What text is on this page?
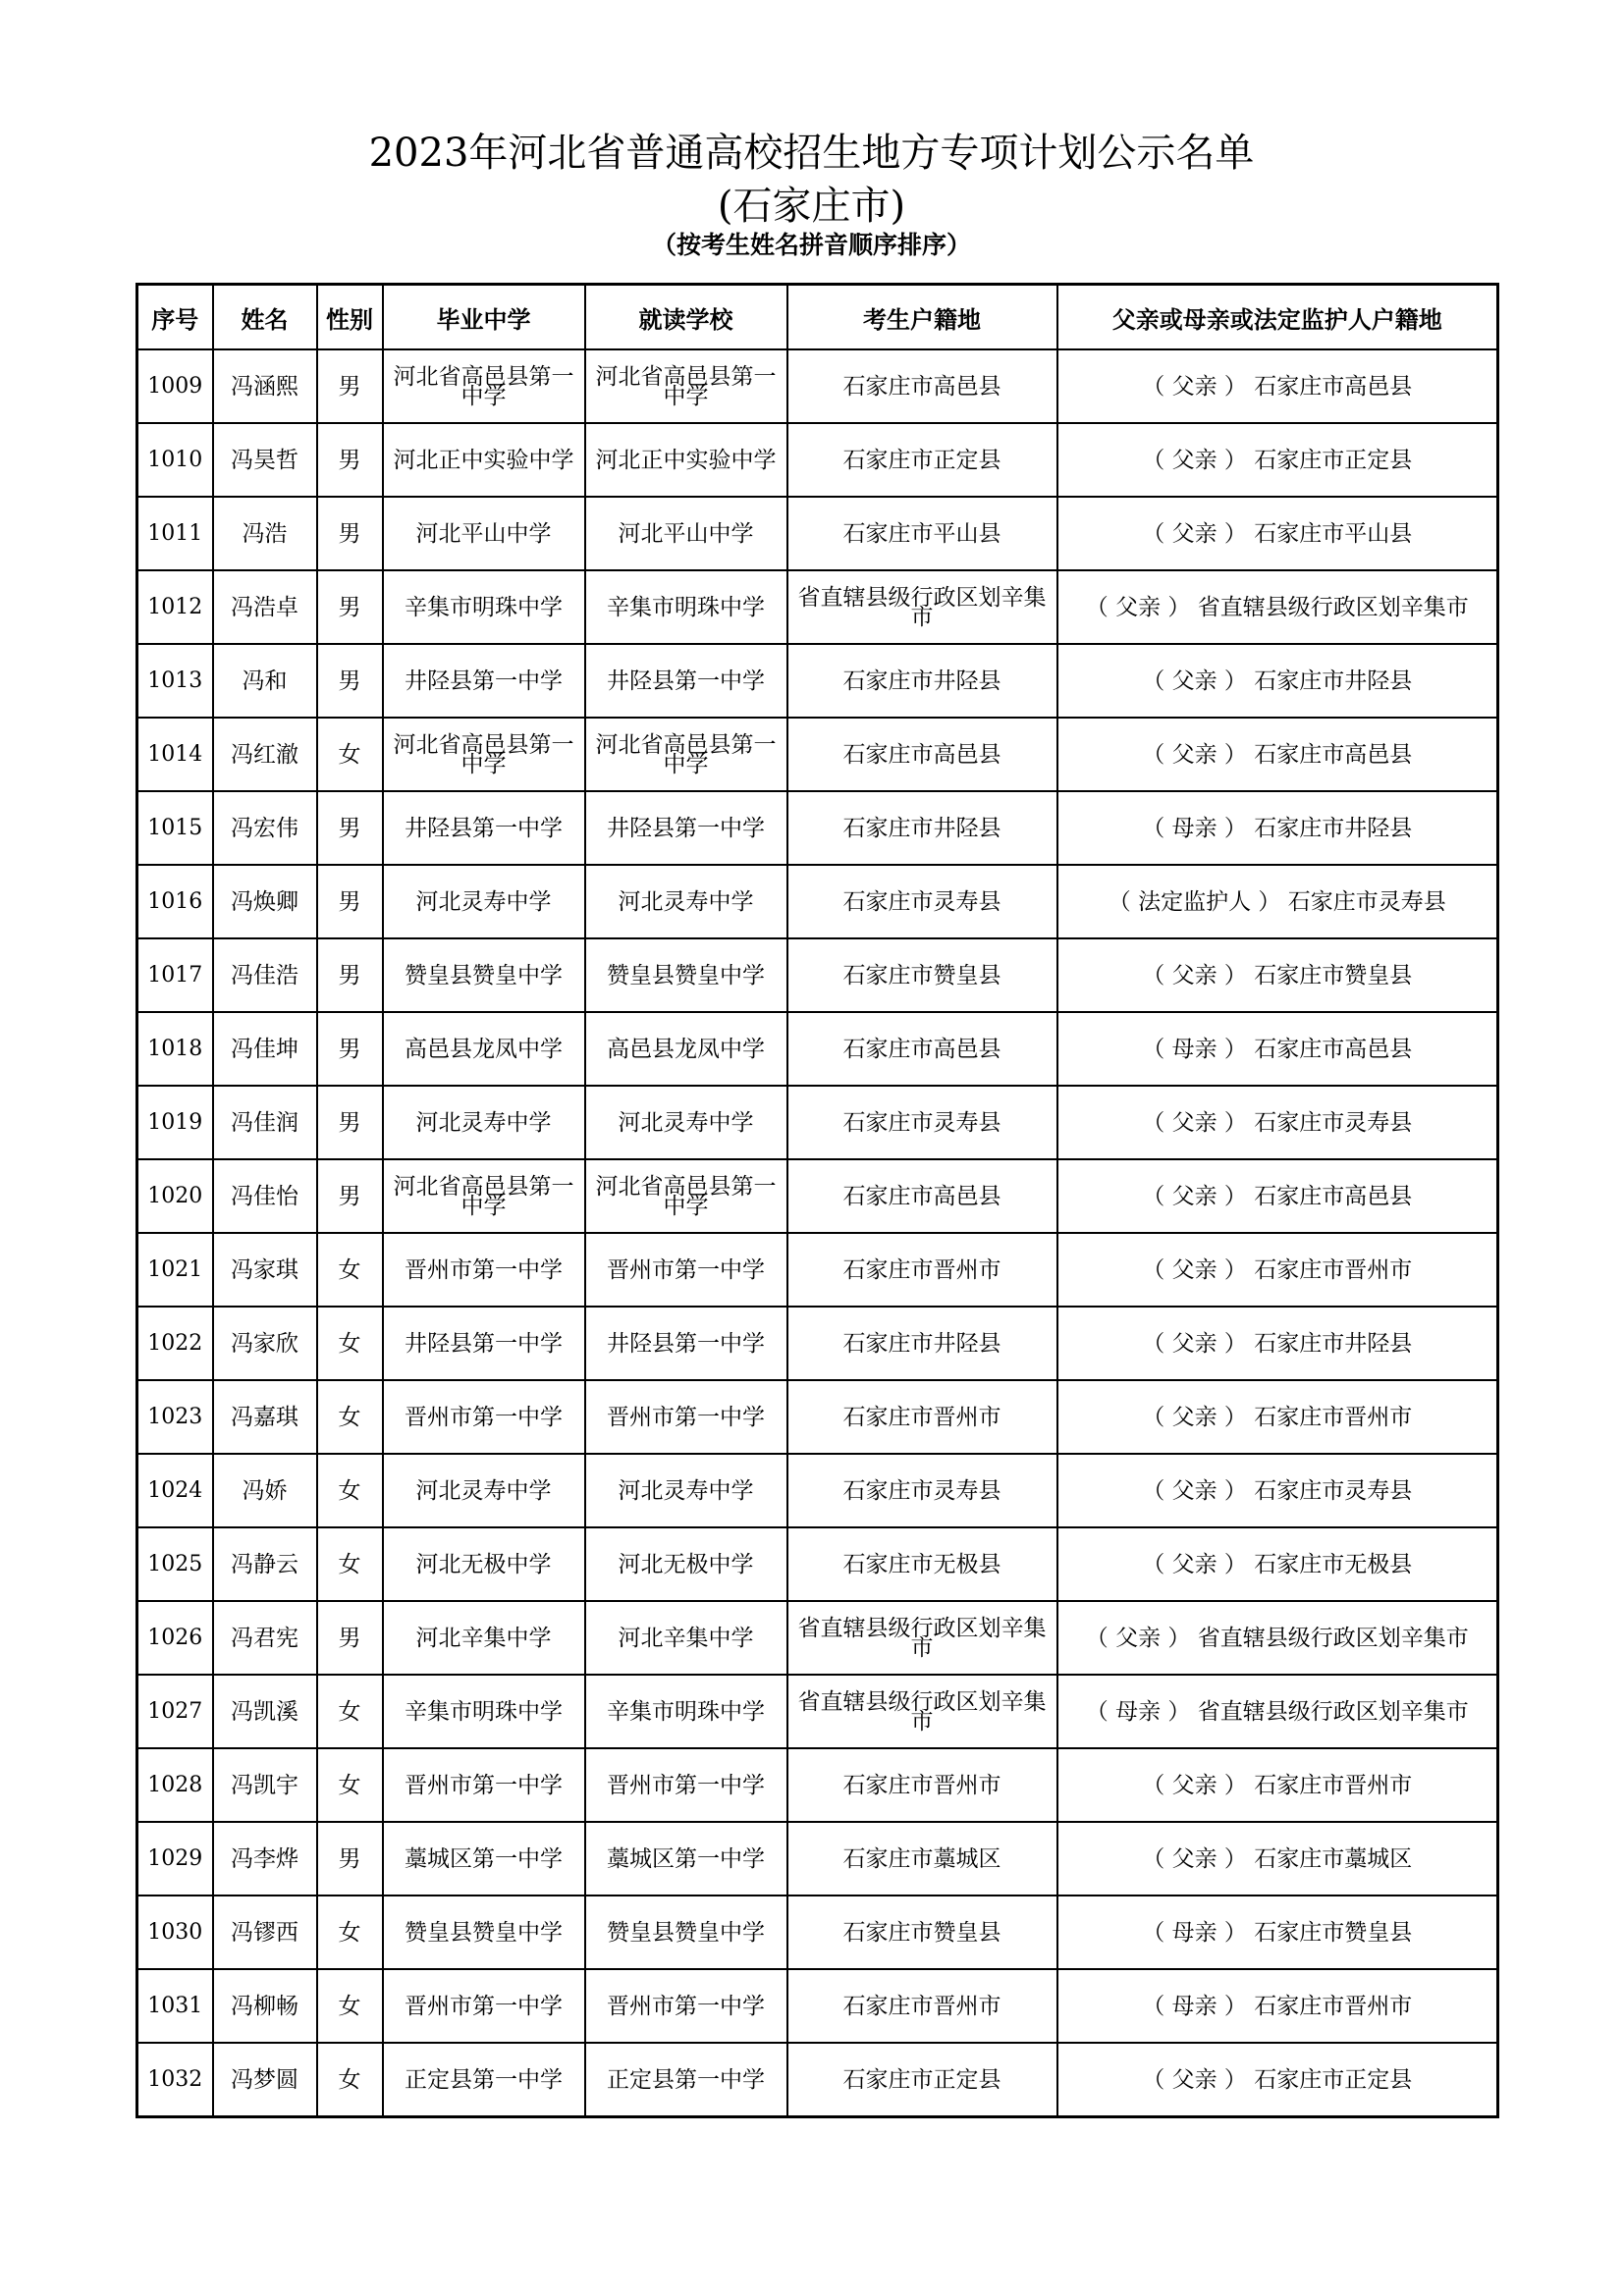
2023年河北省普通高校招生地方专项计划公示名单
(石家庄市)
（按考生姓名拼音顺序排序）
序号	姓名	性别	毕业中学	就读学校	考生户籍地	父亲或母亲或法定监护人户籍地
1009	冯涵熙	男	河北省高邑县第一中学	河北省高邑县第一中学	石家庄市高邑县	（ 父亲 ） 石家庄市高邑县
1010	冯昊哲	男	河北正中实验中学	河北正中实验中学	石家庄市正定县	（ 父亲 ） 石家庄市正定县
1011	冯浩	男	河北平山中学	河北平山中学	石家庄市平山县	（ 父亲 ） 石家庄市平山县
1012	冯浩卓	男	辛集市明珠中学	辛集市明珠中学	省直辖县级行政区划辛集市	（ 父亲 ） 省直辖县级行政区划辛集市
1013	冯和	男	井陉县第一中学	井陉县第一中学	石家庄市井陉县	（ 父亲 ） 石家庄市井陉县
1014	冯红澈	女	河北省高邑县第一中学	河北省高邑县第一中学	石家庄市高邑县	（ 父亲 ） 石家庄市高邑县
1015	冯宏伟	男	井陉县第一中学	井陉县第一中学	石家庄市井陉县	（ 母亲 ） 石家庄市井陉县
1016	冯焕卿	男	河北灵寿中学	河北灵寿中学	石家庄市灵寿县	（ 法定监护人 ） 石家庄市灵寿县
1017	冯佳浩	男	赞皇县赞皇中学	赞皇县赞皇中学	石家庄市赞皇县	（ 父亲 ） 石家庄市赞皇县
1018	冯佳坤	男	高邑县龙凤中学	高邑县龙凤中学	石家庄市高邑县	（ 母亲 ） 石家庄市高邑县
1019	冯佳润	男	河北灵寿中学	河北灵寿中学	石家庄市灵寿县	（ 父亲 ） 石家庄市灵寿县
1020	冯佳怡	男	河北省高邑县第一中学	河北省高邑县第一中学	石家庄市高邑县	（ 父亲 ） 石家庄市高邑县
1021	冯家琪	女	晋州市第一中学	晋州市第一中学	石家庄市晋州市	（ 父亲 ） 石家庄市晋州市
1022	冯家欣	女	井陉县第一中学	井陉县第一中学	石家庄市井陉县	（ 父亲 ） 石家庄市井陉县
1023	冯嘉琪	女	晋州市第一中学	晋州市第一中学	石家庄市晋州市	（ 父亲 ） 石家庄市晋州市
1024	冯娇	女	河北灵寿中学	河北灵寿中学	石家庄市灵寿县	（ 父亲 ） 石家庄市灵寿县
1025	冯静云	女	河北无极中学	河北无极中学	石家庄市无极县	（ 父亲 ） 石家庄市无极县
1026	冯君宪	男	河北辛集中学	河北辛集中学	省直辖县级行政区划辛集市	（ 父亲 ） 省直辖县级行政区划辛集市
1027	冯凯溪	女	辛集市明珠中学	辛集市明珠中学	省直辖县级行政区划辛集市	（ 母亲 ） 省直辖县级行政区划辛集市
1028	冯凯宇	女	晋州市第一中学	晋州市第一中学	石家庄市晋州市	（ 父亲 ） 石家庄市晋州市
1029	冯李烨	男	藁城区第一中学	藁城区第一中学	石家庄市藁城区	（ 父亲 ） 石家庄市藁城区
1030	冯镠西	女	赞皇县赞皇中学	赞皇县赞皇中学	石家庄市赞皇县	（ 母亲 ） 石家庄市赞皇县
1031	冯柳畅	女	晋州市第一中学	晋州市第一中学	石家庄市晋州市	（ 母亲 ） 石家庄市晋州市
1032	冯梦圆	女	正定县第一中学	正定县第一中学	石家庄市正定县	（ 父亲 ） 石家庄市正定县
